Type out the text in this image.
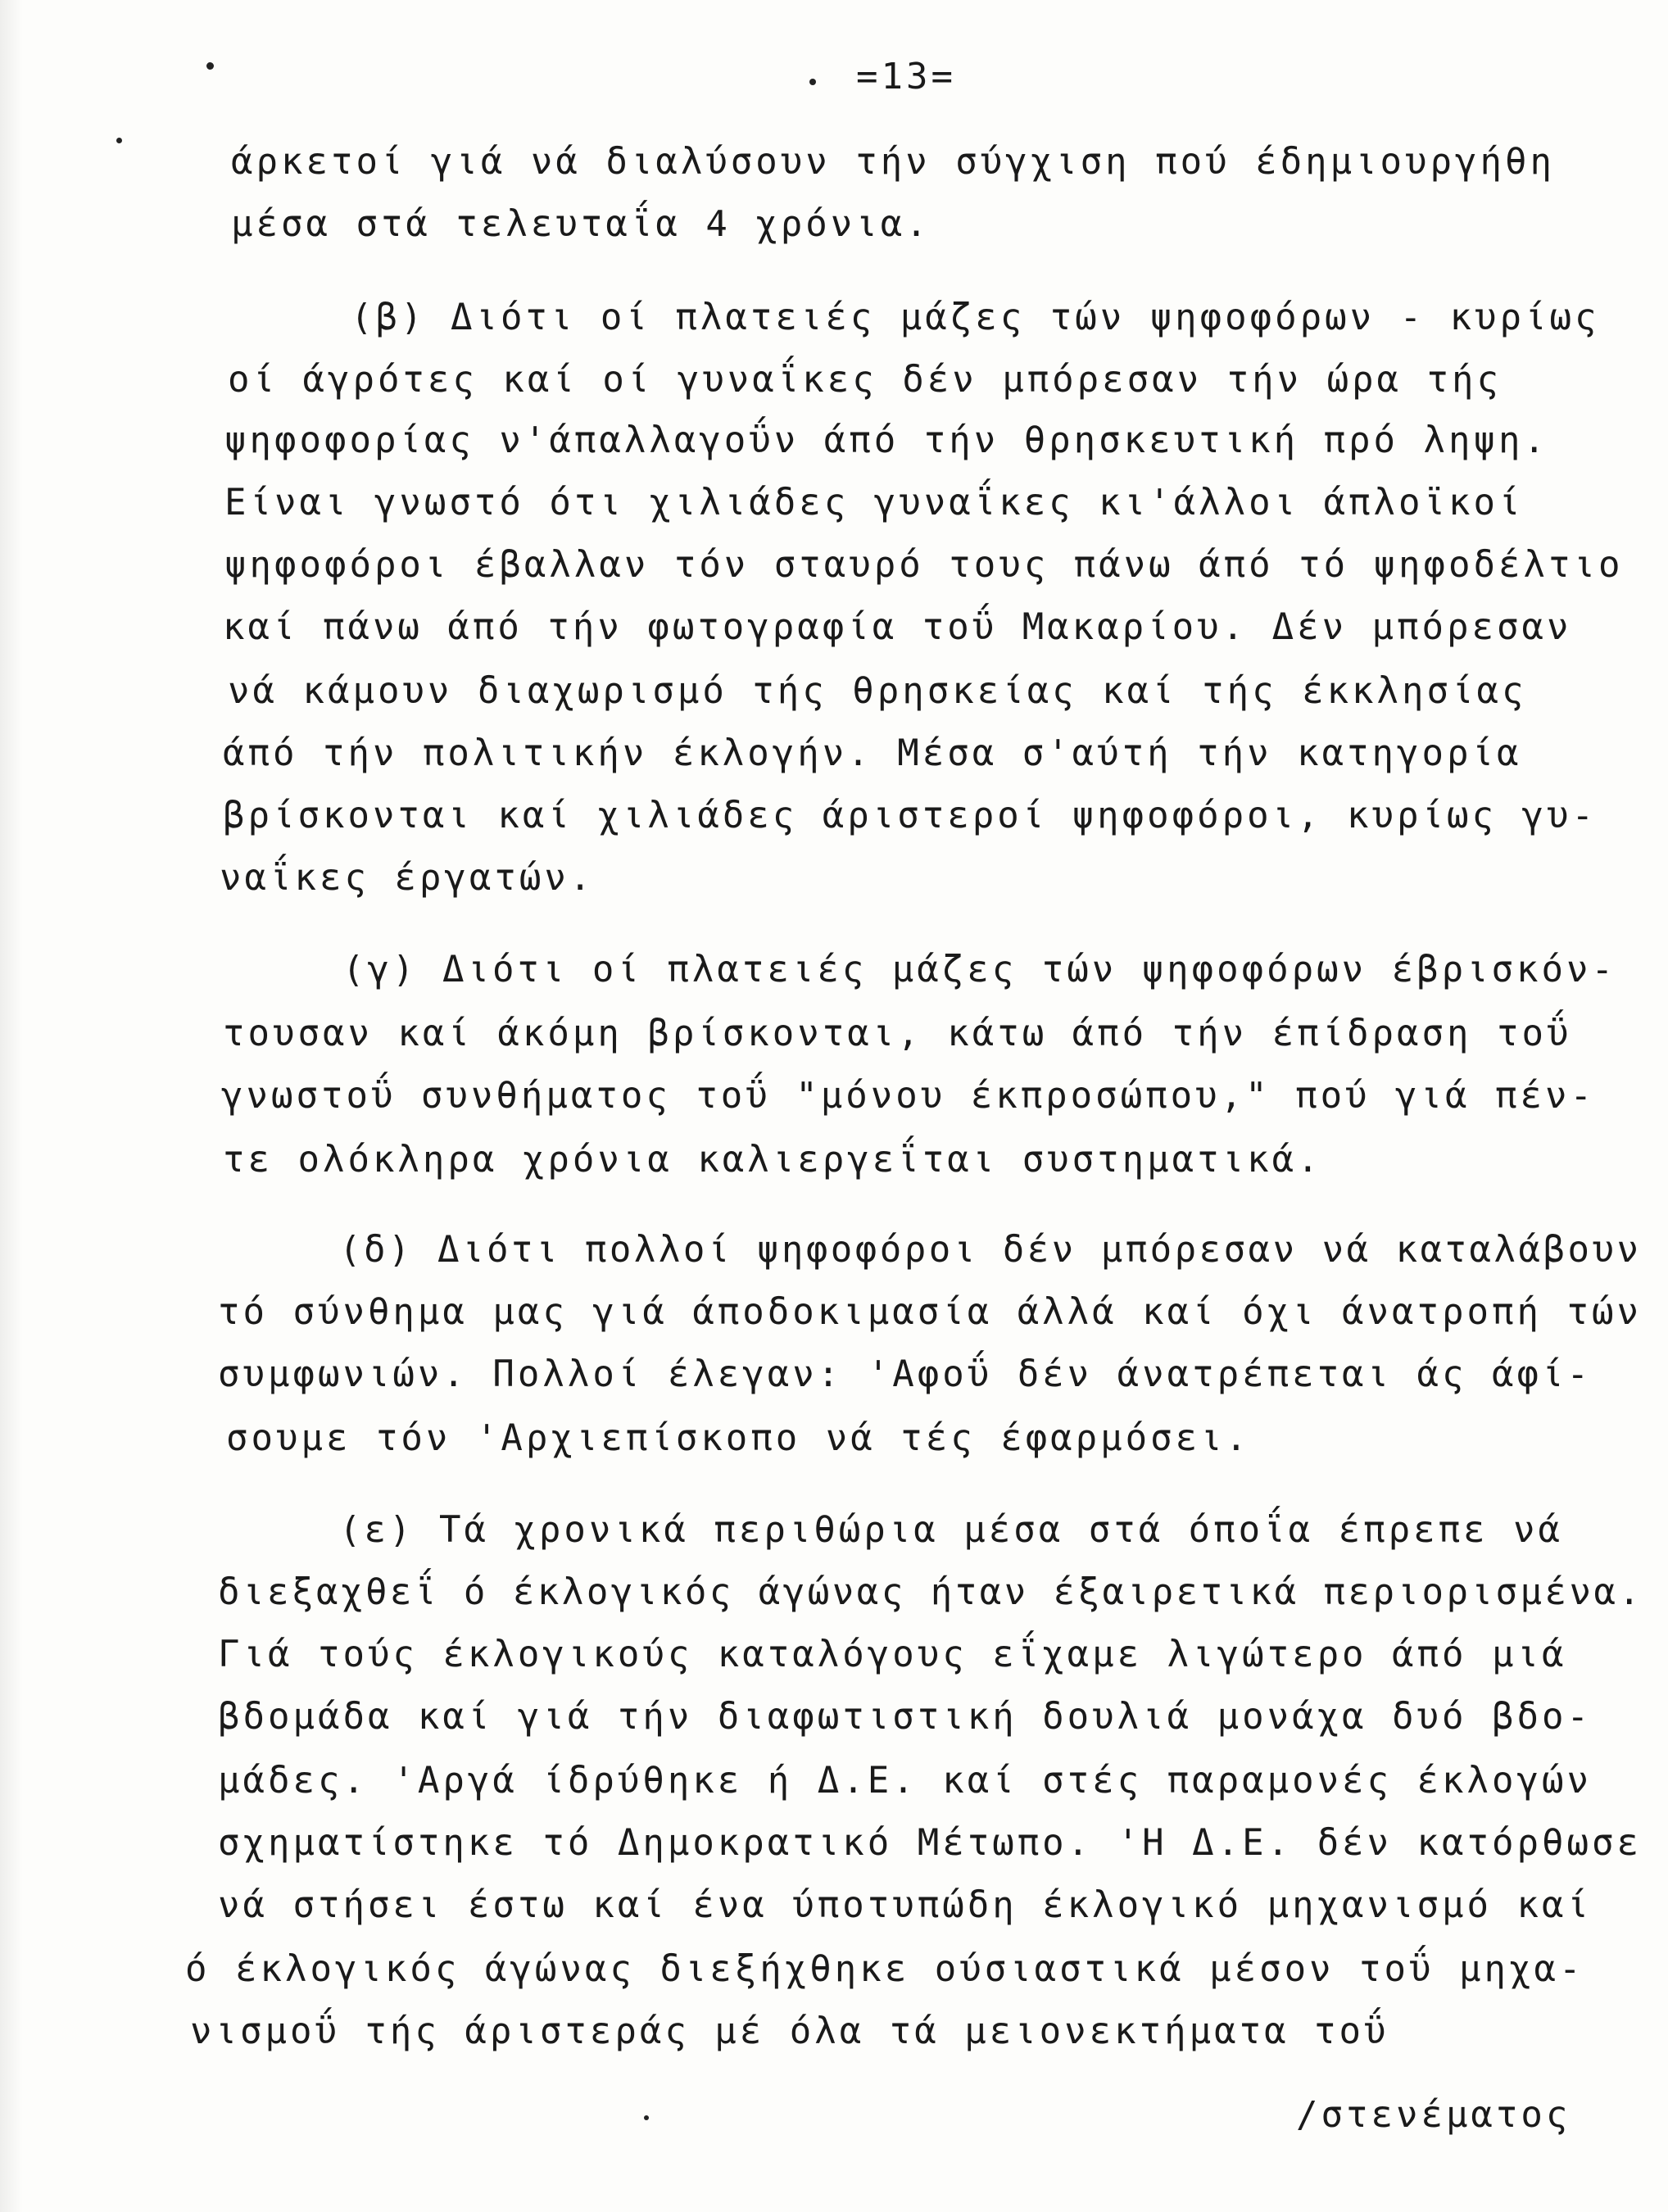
=13=
άρκετοί γιά νά διαλύσουν τήν σύγχιση πού έδημιουργήθη
μέσα στά τελευταΐα 4 χρόνια.
(β) Διότι οί πλατειές μάζες τών ψηφοφόρων - κυρίως
οί άγρότες καί οί γυναΐκες δέν μπόρεσαν τήν ώρα τής
ψηφοφορίας ν'άπαλλαγοΰν άπό τήν θρησκευτική πρό ληψη.
Είναι γνωστό ότι χιλιάδες γυναΐκες κι'άλλοι άπλοϊκοί
ψηφοφόροι έβαλλαν τόν σταυρό τους πάνω άπό τό ψηφοδέλτιο
καί πάνω άπό τήν φωτογραφία τοΰ Μακαρίου. Δέν μπόρεσαν
νά κάμουν διαχωρισμό τής θρησκείας καί τής έκκλησίας
άπό τήν πολιτικήν έκλογήν. Μέσα σ'αύτή τήν κατηγορία
βρίσκονται καί χιλιάδες άριστεροί ψηφοφόροι, κυρίως γυ-
ναΐκες έργατών.
(γ) Διότι οί πλατειές μάζες τών ψηφοφόρων έβρισκόν-
τουσαν καί άκόμη βρίσκονται, κάτω άπό τήν έπίδραση τοΰ
γνωστοΰ συνθήματος τοΰ "μόνου έκπροσώπου," πού γιά πέν-
τε ολόκληρα χρόνια καλιεργεΐται συστηματικά.
(δ) Διότι πολλοί ψηφοφόροι δέν μπόρεσαν νά καταλάβουν
τό σύνθημα μας γιά άποδοκιμασία άλλά καί όχι άνατροπή τών
συμφωνιών. Πολλοί έλεγαν: 'Αφοΰ δέν άνατρέπεται άς άφί-
σουμε τόν 'Αρχιεπίσκοπο νά τές έφαρμόσει.
(ε) Τά χρονικά περιθώρια μέσα στά όποΐα έπρεπε νά
διεξαχθεΐ ό έκλογικός άγώνας ήταν έξαιρετικά περιορισμένα.
Γιά τούς έκλογικούς καταλόγους εΐχαμε λιγώτερο άπό μιά
βδομάδα καί γιά τήν διαφωτιστική δουλιά μονάχα δυό βδο-
μάδες. 'Αργά ίδρύθηκε ή Δ.Ε. καί στές παραμονές έκλογών
σχηματίστηκε τό Δημοκρατικό Μέτωπο. 'Η Δ.Ε. δέν κατόρθωσε
νά στήσει έστω καί ένα ύποτυπώδη έκλογικό μηχανισμό καί
ό έκλογικός άγώνας διεξήχθηκε ούσιαστικά μέσον τοΰ μηχα-
νισμοΰ τής άριστεράς μέ όλα τά μειονεκτήματα τοΰ
/στενέματος
